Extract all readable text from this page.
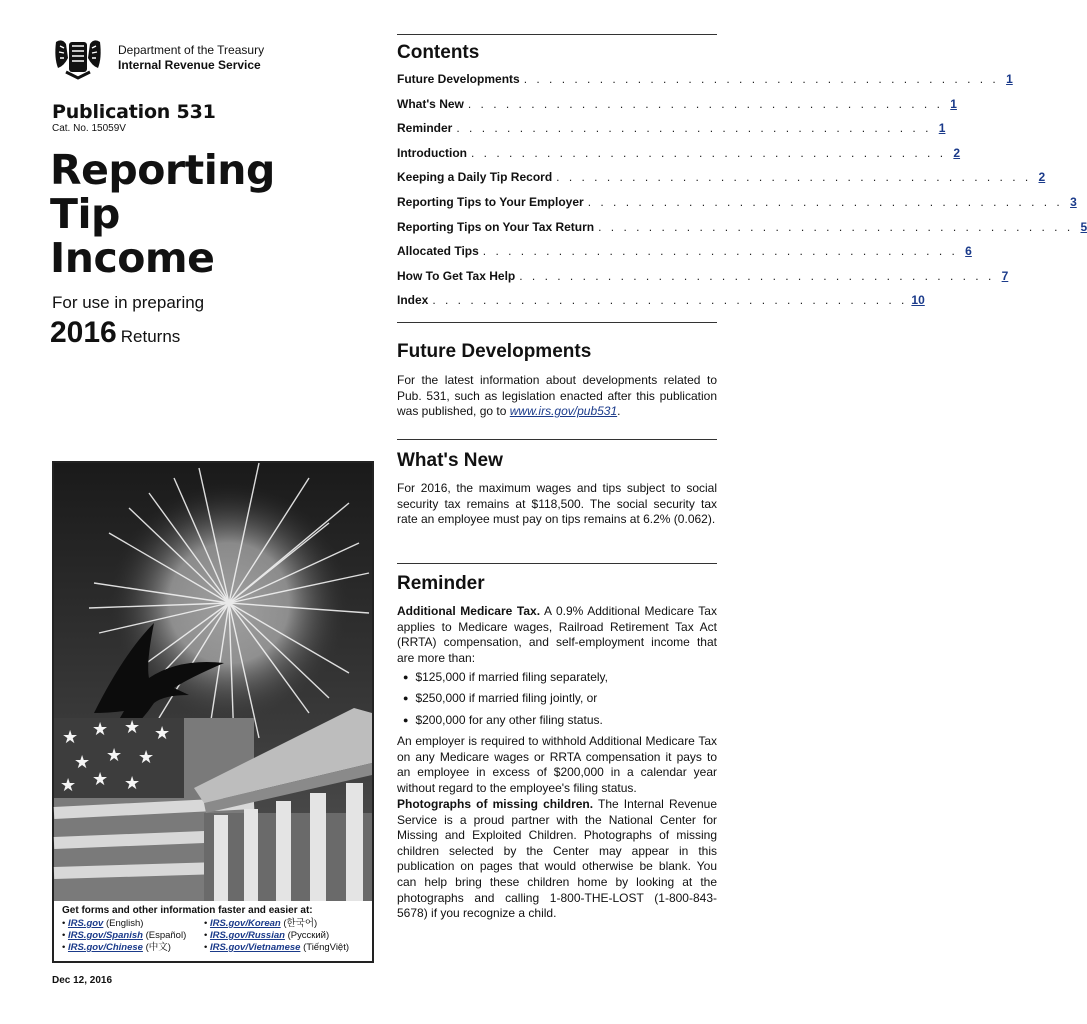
Department of the Treasury
Internal Revenue Service
Publication 531
Cat. No. 15059V
Reporting
Tip
Income
For use in preparing
2016 Returns
★ ★ ★ ★
★ ★ ★
★ ★ ★
Get forms and other information faster and easier at:
• IRS.gov (English)	• IRS.gov/Korean (한국어)
• IRS.gov/Spanish (Español)	• IRS.gov/Russian (Pусский)
• IRS.gov/Chinese (中文)	• IRS.gov/Vietnamese (TiếngViệt)
Dec 12, 2016
Contents
Future Developments . . . . . . . . . . . . . . . . . . . . . . . . . . . . . . . . . . . . . . 1
What's New . . . . . . . . . . . . . . . . . . . . . . . . . . . . . . . . . . . . . . 1
Reminder . . . . . . . . . . . . . . . . . . . . . . . . . . . . . . . . . . . . . . 1
Introduction . . . . . . . . . . . . . . . . . . . . . . . . . . . . . . . . . . . . . . 2
Keeping a Daily Tip Record . . . . . . . . . . . . . . . . . . . . . . . . . . . . . . . . . . . . . . 2
Reporting Tips to Your Employer . . . . . . . . . . . . . . . . . . . . . . . . . . . . . . . . . . . . . . 3
Reporting Tips on Your Tax Return . . . . . . . . . . . . . . . . . . . . . . . . . . . . . . . . . . . . . . 5
Allocated Tips . . . . . . . . . . . . . . . . . . . . . . . . . . . . . . . . . . . . . . 6
How To Get Tax Help . . . . . . . . . . . . . . . . . . . . . . . . . . . . . . . . . . . . . . 7
Index . . . . . . . . . . . . . . . . . . . . . . . . . . . . . . . . . . . . . . 10
Future Developments
For the latest information about developments related to Pub. 531, such as legislation enacted after this publication was published, go to www.irs.gov/pub531.
What's New
For 2016, the maximum wages and tips subject to social security tax remains at $118,500. The social security tax rate an employee must pay on tips remains at 6.2% (0.062).
Reminder
Additional Medicare Tax. A 0.9% Additional Medicare Tax applies to Medicare wages, Railroad Retirement Tax Act (RRTA) compensation, and self-employment income that are more than:
● $125,000 if married filing separately,
● $250,000 if married filing jointly, or
● $200,000 for any other filing status.
An employer is required to withhold Additional Medicare Tax on any Medicare wages or RRTA compensation it pays to an employee in excess of $200,000 in a calendar year without regard to the employee's filing status.
Photographs of missing children. The Internal Revenue Service is a proud partner with the National Center for Missing and Exploited Children. Photographs of missing children selected by the Center may appear in this publication on pages that would otherwise be blank. You can help bring these children home by looking at the photographs and calling 1-800-THE-LOST (1-800-843-5678) if you recognize a child.
